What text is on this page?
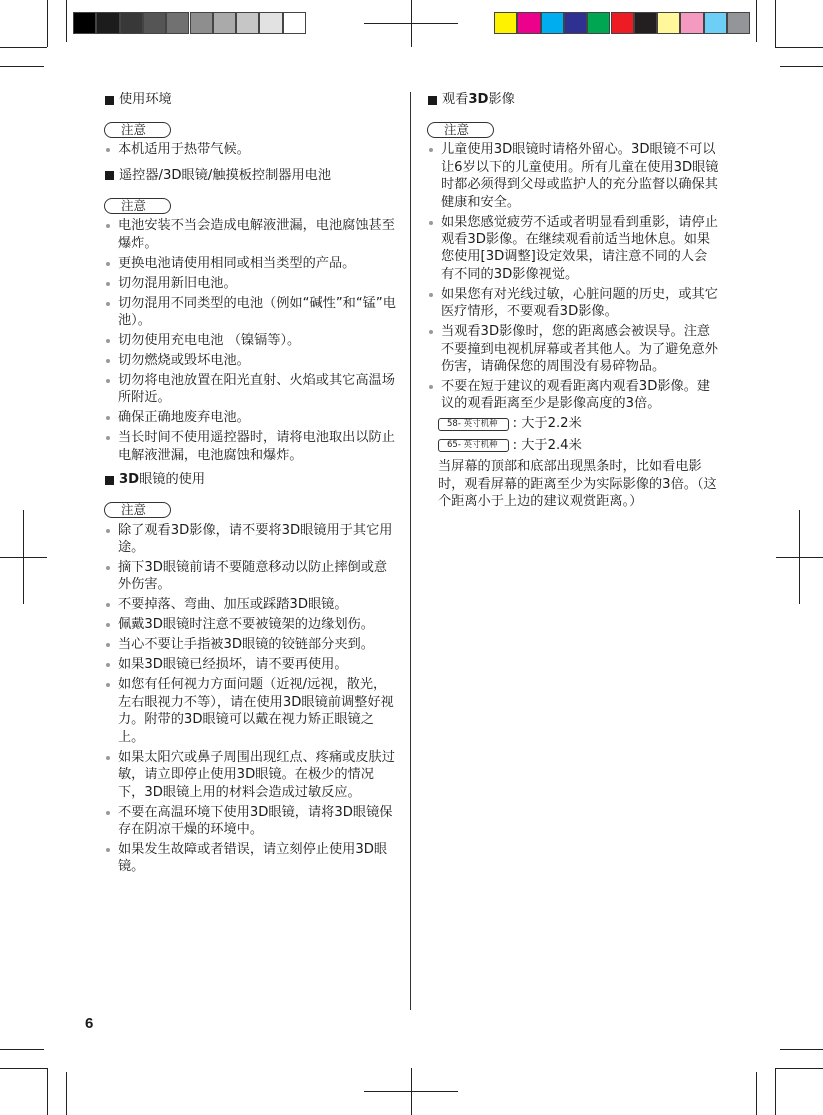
使用环境

注意
本机适用于热带气候。

遥控器/3D眼镜/触摸板控制器用电池

注意
电池安装不当会造成电解液泄漏，电池腐蚀甚至爆炸。
更换电池请使用相同或相当类型的产品。
切勿混用新旧电池。
切勿混用不同类型的电池（例如“碱性”和“锰”电池）。
切勿使用充电电池 （镍镉等）。
切勿燃烧或毁坏电池。
切勿将电池放置在阳光直射、火焰或其它高温场所附近。
确保正确地废弃电池。
当长时间不使用遥控器时，请将电池取出以防止电解液泄漏，电池腐蚀和爆炸。

3D 眼镜的使用

注意
除了观看3D影像，请不要将3D眼镜用于其它用途。
摘下3D眼镜前请不要随意移动以防止摔倒或意外伤害。
不要掉落、弯曲、加压或踩踏3D眼镜。
佩戴3D眼镜时注意不要被镜架的边缘划伤。
当心不要让手指被3D眼镜的铰链部分夹到。
如果3D眼镜已经损坏，请不要再使用。
如您有任何视力方面问题（近视/远视，散光，左右眼视力不等），请在使用3D眼镜前调整好视力。附带的3D眼镜可以戴在视力矫正眼镜之上。
如果太阳穴或鼻子周围出现红点、疼痛或皮肤过敏，请立即停止使用3D眼镜。在极少的情况下，3D眼镜上用的材料会造成过敏反应。
不要在高温环境下使用3D眼镜，请将3D眼镜保存在阴凉干燥的环境中。
如果发生故障或者错误，请立刻停止使用3D眼镜。

观看 3D 影像

注意
儿童使用3D眼镜时请格外留心。3D眼镜不可以让6岁以下的儿童使用。所有儿童在使用3D眼镜时都必须得到父母或监护人的充分监督以确保其健康和安全。
如果您感觉疲劳不适或者明显看到重影，请停止观看3D影像。在继续观看前适当地休息。如果您使用[3D调整]设定效果，请注意不同的人会有不同的3D影像视觉。
如果您有对光线过敏，心脏问题的历史，或其它医疗情形，不要观看3D影像。
当观看3D影像时，您的距离感会被误导。注意不要撞到电视机屏幕或者其他人。为了避免意外伤害，请确保您的周围没有易碎物品。
不要在短于建议的观看距离内观看3D影像。建议的观看距离至少是影像高度的3倍。
58- 英寸机种	: 大于2.2米
65- 英寸机种	: 大于2.4米

当屏幕的顶部和底部出现黑条时，比如看电影时，观看屏幕的距离至少为实际影像的3倍。（这个距离小于上边的建议观赏距离。）

6
